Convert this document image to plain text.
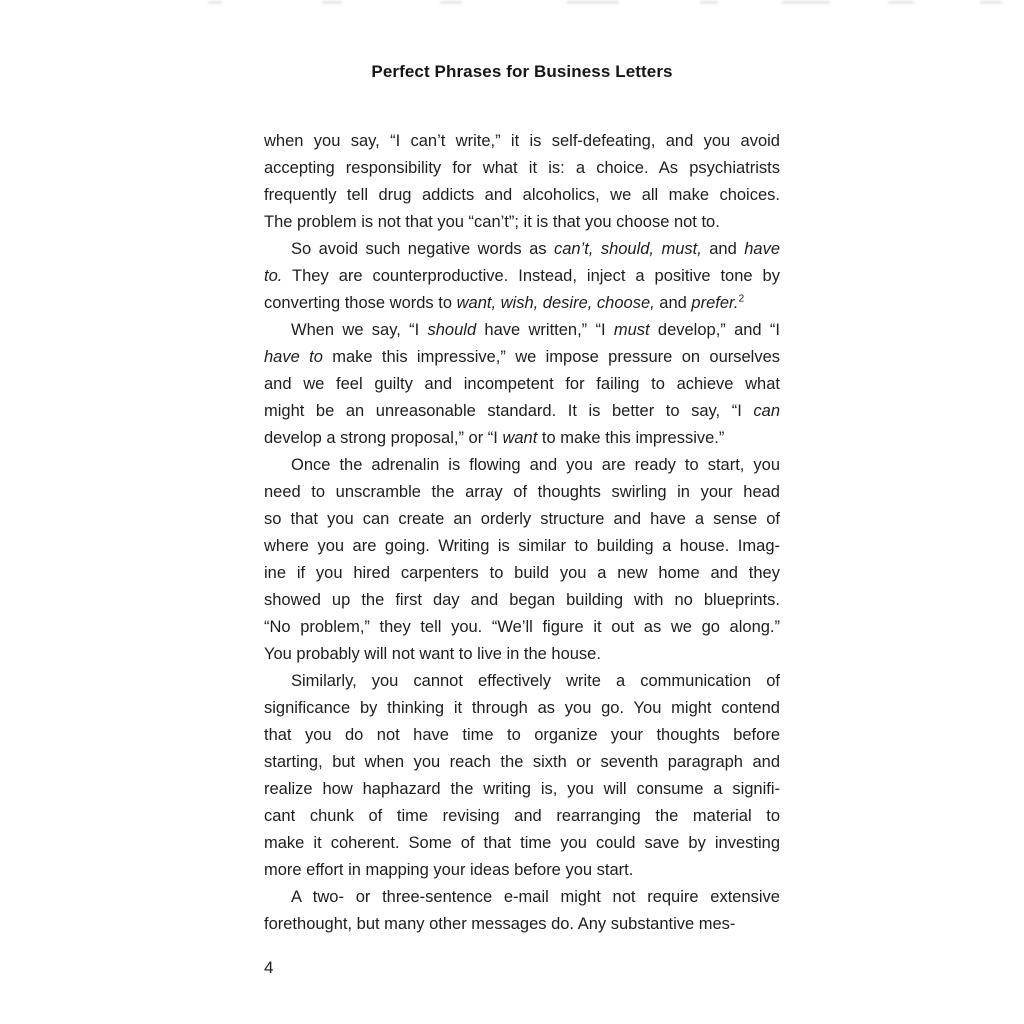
Perfect Phrases for Business Letters
when you say, “I can’t write,” it is self-defeating, and you avoid
accepting responsibility for what it is: a choice. As psychiatrists
frequently tell drug addicts and alcoholics, we all make choices.
The problem is not that you “can’t”; it is that you choose not to.
So avoid such negative words as can’t, should, must, and have
to. They are counterproductive. Instead, inject a positive tone by
converting those words to want, wish, desire, choose, and prefer.$^2$
When we say, “I should have written,” “I must develop,” and “I
have to make this impressive,” we impose pressure on ourselves
and we feel guilty and incompetent for failing to achieve what
might be an unreasonable standard. It is better to say, “I can
develop a strong proposal,” or “I want to make this impressive.”
Once the adrenalin is flowing and you are ready to start, you
need to unscramble the array of thoughts swirling in your head
so that you can create an orderly structure and have a sense of
where you are going. Writing is similar to building a house. Imag-
ine if you hired carpenters to build you a new home and they
showed up the first day and began building with no blueprints.
“No problem,” they tell you. “We’ll figure it out as we go along.”
You probably will not want to live in the house.
Similarly, you cannot effectively write a communication of
significance by thinking it through as you go. You might contend
that you do not have time to organize your thoughts before
starting, but when you reach the sixth or seventh paragraph and
realize how haphazard the writing is, you will consume a signifi-
cant chunk of time revising and rearranging the material to
make it coherent. Some of that time you could save by investing
more effort in mapping your ideas before you start.
A two- or three-sentence e-mail might not require extensive
forethought, but many other messages do. Any substantive mes-
4
